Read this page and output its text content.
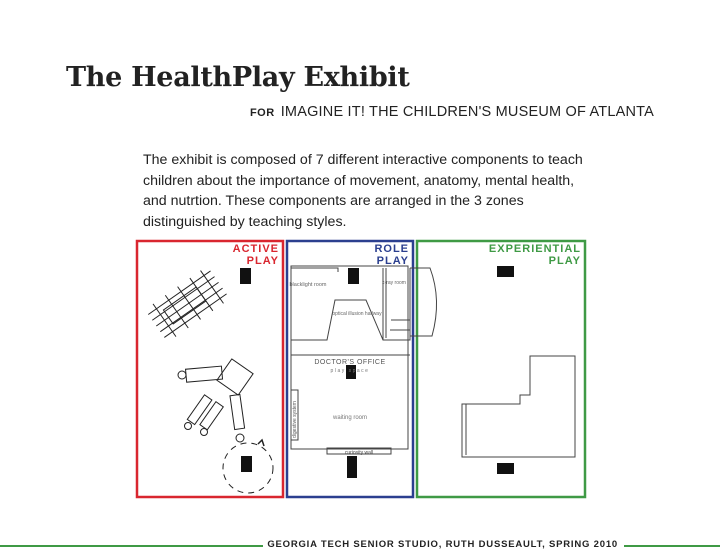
The HealthPlay Exhibit
FOR IMAGINE IT! THE CHILDREN'S MUSEUM OF ATLANTA

The exhibit is composed of 7 different interactive components to teach children about the importance of movement, anatomy, mental health, and nutrtion. These components are arranged in the 3 zones distinguished by teaching styles.

blacklight room	x-ray room
optical illusion hallway
DOCTOR'S OFFICE
play space
waiting room
digestive system
curiosity wall
ACTIVE
PLAY
ROLE
PLAY
EXPERIENTIAL
PLAY
GEORGIA TECH SENIOR STUDIO, RUTH DUSSEAULT, SPRING 2010
